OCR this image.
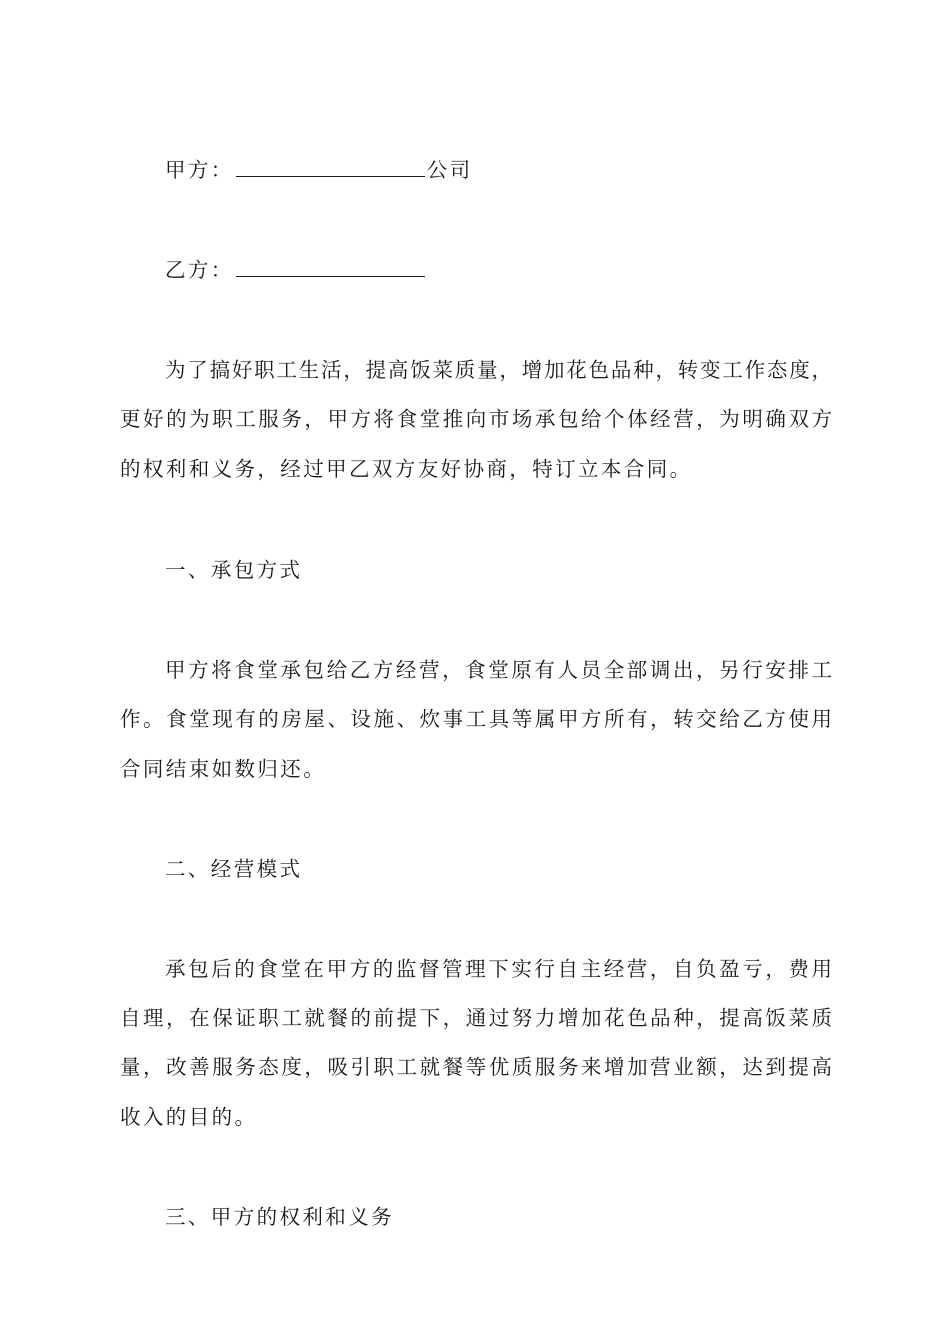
甲方：	公司
乙方：
为了搞好职工生活，提高饭菜质量，增加花色品种，转变工作态度，
更好的为职工服务，甲方将食堂推向市场承包给个体经营，为明确双方
的权利和义务，经过甲乙双方友好协商，特订立本合同。
一、承包方式
甲方将食堂承包给乙方经营，食堂原有人员全部调出，另行安排工
作。食堂现有的房屋、设施、炊事工具等属甲方所有，转交给乙方使用
合同结束如数归还。
二、经营模式
承包后的食堂在甲方的监督管理下实行自主经营，自负盈亏，费用
自理，在保证职工就餐的前提下，通过努力增加花色品种，提高饭菜质
量，改善服务态度，吸引职工就餐等优质服务来增加营业额，达到提高
收入的目的。
三、甲方的权利和义务
